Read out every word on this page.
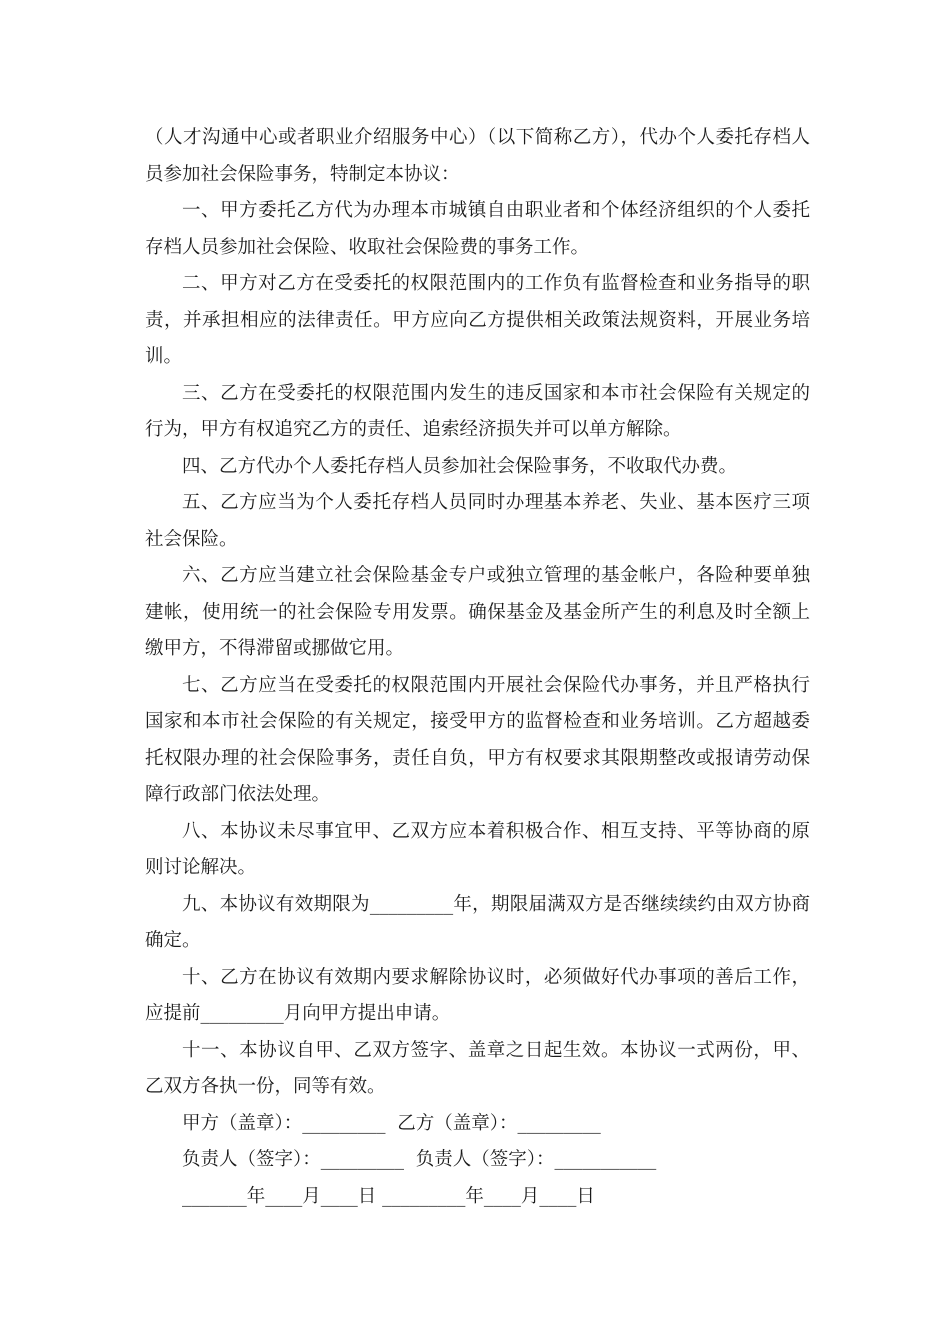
（人才沟通中心或者职业介绍服务中心）（以下简称乙方），代办个人委托存档人员参加社会保险事务，特制定本协议：

一、甲方委托乙方代为办理本市城镇自由职业者和个体经济组织的个人委托存档人员参加社会保险、收取社会保险费的事务工作。

二、甲方对乙方在受委托的权限范围内的工作负有监督检查和业务指导的职责，并承担相应的法律责任。甲方应向乙方提供相关政策法规资料，开展业务培训。

三、乙方在受委托的权限范围内发生的违反国家和本市社会保险有关规定的行为，甲方有权追究乙方的责任、追索经济损失并可以单方解除。

四、乙方代办个人委托存档人员参加社会保险事务，不收取代办费。

五、乙方应当为个人委托存档人员同时办理基本养老、失业、基本医疗三项社会保险。

六、乙方应当建立社会保险基金专户或独立管理的基金帐户，各险种要单独建帐，使用统一的社会保险专用发票。确保基金及基金所产生的利息及时全额上缴甲方，不得滞留或挪做它用。

七、乙方应当在受委托的权限范围内开展社会保险代办事务，并且严格执行国家和本市社会保险的有关规定，接受甲方的监督检查和业务培训。乙方超越委托权限办理的社会保险事务，责任自负，甲方有权要求其限期整改或报请劳动保障行政部门依法处理。

八、本协议未尽事宜甲、乙双方应本着积极合作、相互支持、平等协商的原则讨论解决。

九、本协议有效期限为_________年，期限届满双方是否继续续约由双方协商确定。

十、乙方在协议有效期内要求解除协议时，必须做好代办事项的善后工作，应提前_________月向甲方提出申请。

十一、本协议自甲、乙双方签字、盖章之日起生效。本协议一式两份，甲、乙双方各执一份，同等有效。

甲方（盖章）：_________  乙方（盖章）：_________

负责人（签字）：_________  负责人（签字）：___________

_______年____月____日 _________年____月____日
